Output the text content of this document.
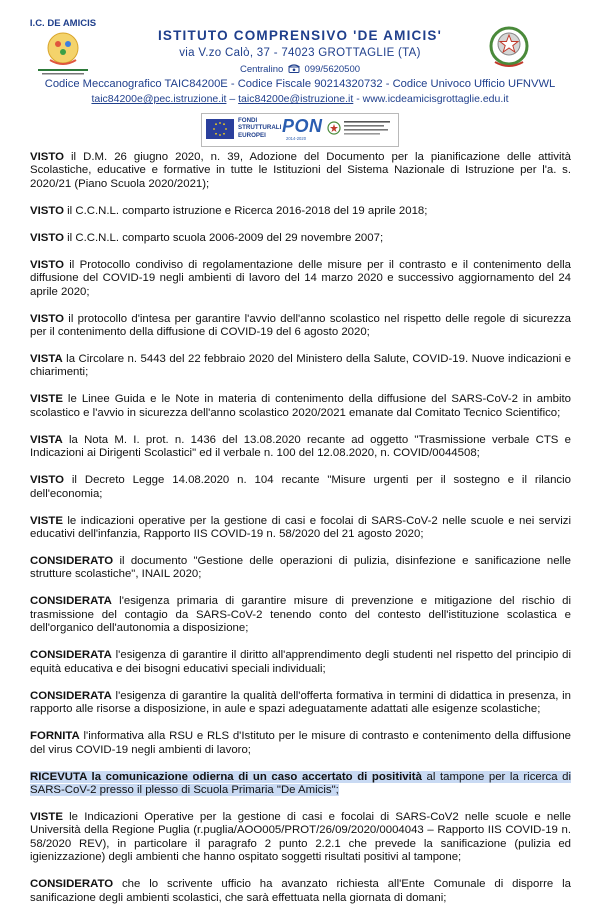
I.C. DE AMICIS
ISTITUTO COMPRENSIVO 'DE AMICIS'
via V.zo Calò, 37 - 74023 GROTTAGLIE (TA)
Centralino 099/5620500
Codice Meccanografico TAIC84200E - Codice Fiscale 90214320732 - Codice Univoco Ufficio UFNVWL
taic84200e@pec.istruzione.it – taic84200e@istruzione.it - www.icdeamicisgrottaglie.edu.it
FONDI STRUTTURALI EUROPEI PON
2014-2020

VISTO il D.M. 26 giugno 2020, n. 39, Adozione del Documento per la pianificazione delle attività Scolastiche, educative e formative in tutte le Istituzioni del Sistema Nazionale di Istruzione per l'a. s. 2020/21 (Piano Scuola 2020/2021);

VISTO il C.C.N.L. comparto istruzione e Ricerca 2016-2018 del 19 aprile 2018;

VISTO il C.C.N.L. comparto scuola 2006-2009 del 29 novembre 2007;

VISTO il Protocollo condiviso di regolamentazione delle misure per il contrasto e il contenimento della diffusione del COVID-19 negli ambienti di lavoro del 14 marzo 2020 e successivo aggiornamento del 24 aprile 2020;

VISTO il protocollo d'intesa per garantire l'avvio dell'anno scolastico nel rispetto delle regole di sicurezza per il contenimento della diffusione di COVID-19 del 6 agosto 2020;

VISTA la Circolare n. 5443 del 22 febbraio 2020 del Ministero della Salute, COVID-19. Nuove indicazioni e chiarimenti;

VISTE le Linee Guida e le Note in materia di contenimento della diffusione del SARS-CoV-2 in ambito scolastico e l'avvio in sicurezza dell'anno scolastico 2020/2021 emanate dal Comitato Tecnico Scientifico;

VISTA la Nota M. I. prot. n. 1436 del 13.08.2020 recante ad oggetto "Trasmissione verbale CTS e Indicazioni ai Dirigenti Scolastici" ed il verbale n. 100 del 12.08.2020, n. COVID/0044508;

VISTO il Decreto Legge 14.08.2020 n. 104 recante "Misure urgenti per il sostegno e il rilancio dell'economia;

VISTE le indicazioni operative per la gestione di casi e focolai di SARS-CoV-2 nelle scuole e nei servizi educativi dell'infanzia, Rapporto IIS COVID-19 n. 58/2020 del 21 agosto 2020;

CONSIDERATO il documento "Gestione delle operazioni di pulizia, disinfezione e sanificazione nelle strutture scolastiche", INAIL 2020;

CONSIDERATA l'esigenza primaria di garantire misure di prevenzione e mitigazione del rischio di trasmissione del contagio da SARS-CoV-2 tenendo conto del contesto dell'istituzione scolastica e dell'organico dell'autonomia a disposizione;

CONSIDERATA l'esigenza di garantire il diritto all'apprendimento degli studenti nel rispetto del principio di equità educativa e dei bisogni educativi speciali individuali;

CONSIDERATA l'esigenza di garantire la qualità dell'offerta formativa in termini di didattica in presenza, in rapporto alle risorse a disposizione, in aule e spazi adeguatamente adattati alle esigenze scolastiche;

FORNITA l'informativa alla RSU e RLS d'Istituto per le misure di contrasto e contenimento della diffusione del virus COVID-19 negli ambienti di lavoro;

RICEVUTA la comunicazione odierna di un caso accertato di positività al tampone per la ricerca di SARS-CoV-2 presso il plesso di Scuola Primaria "De Amicis";

VISTE le Indicazioni Operative per la gestione di casi e focolai di SARS-CoV2 nelle scuole e nelle Università della Regione Puglia (r.puglia/AOO005/PROT/26/09/2020/0004043 – Rapporto IIS COVID-19 n. 58/2020 REV), in particolare il paragrafo 2 punto 2.2.1 che prevede la sanificazione (pulizia ed igienizzazione) degli ambienti che hanno ospitato soggetti risultati positivi al tampone;

CONSIDERATO che lo scrivente ufficio ha avanzato richiesta all'Ente Comunale di disporre la sanificazione degli ambienti scolastici, che sarà effettuata nella giornata di domani;
